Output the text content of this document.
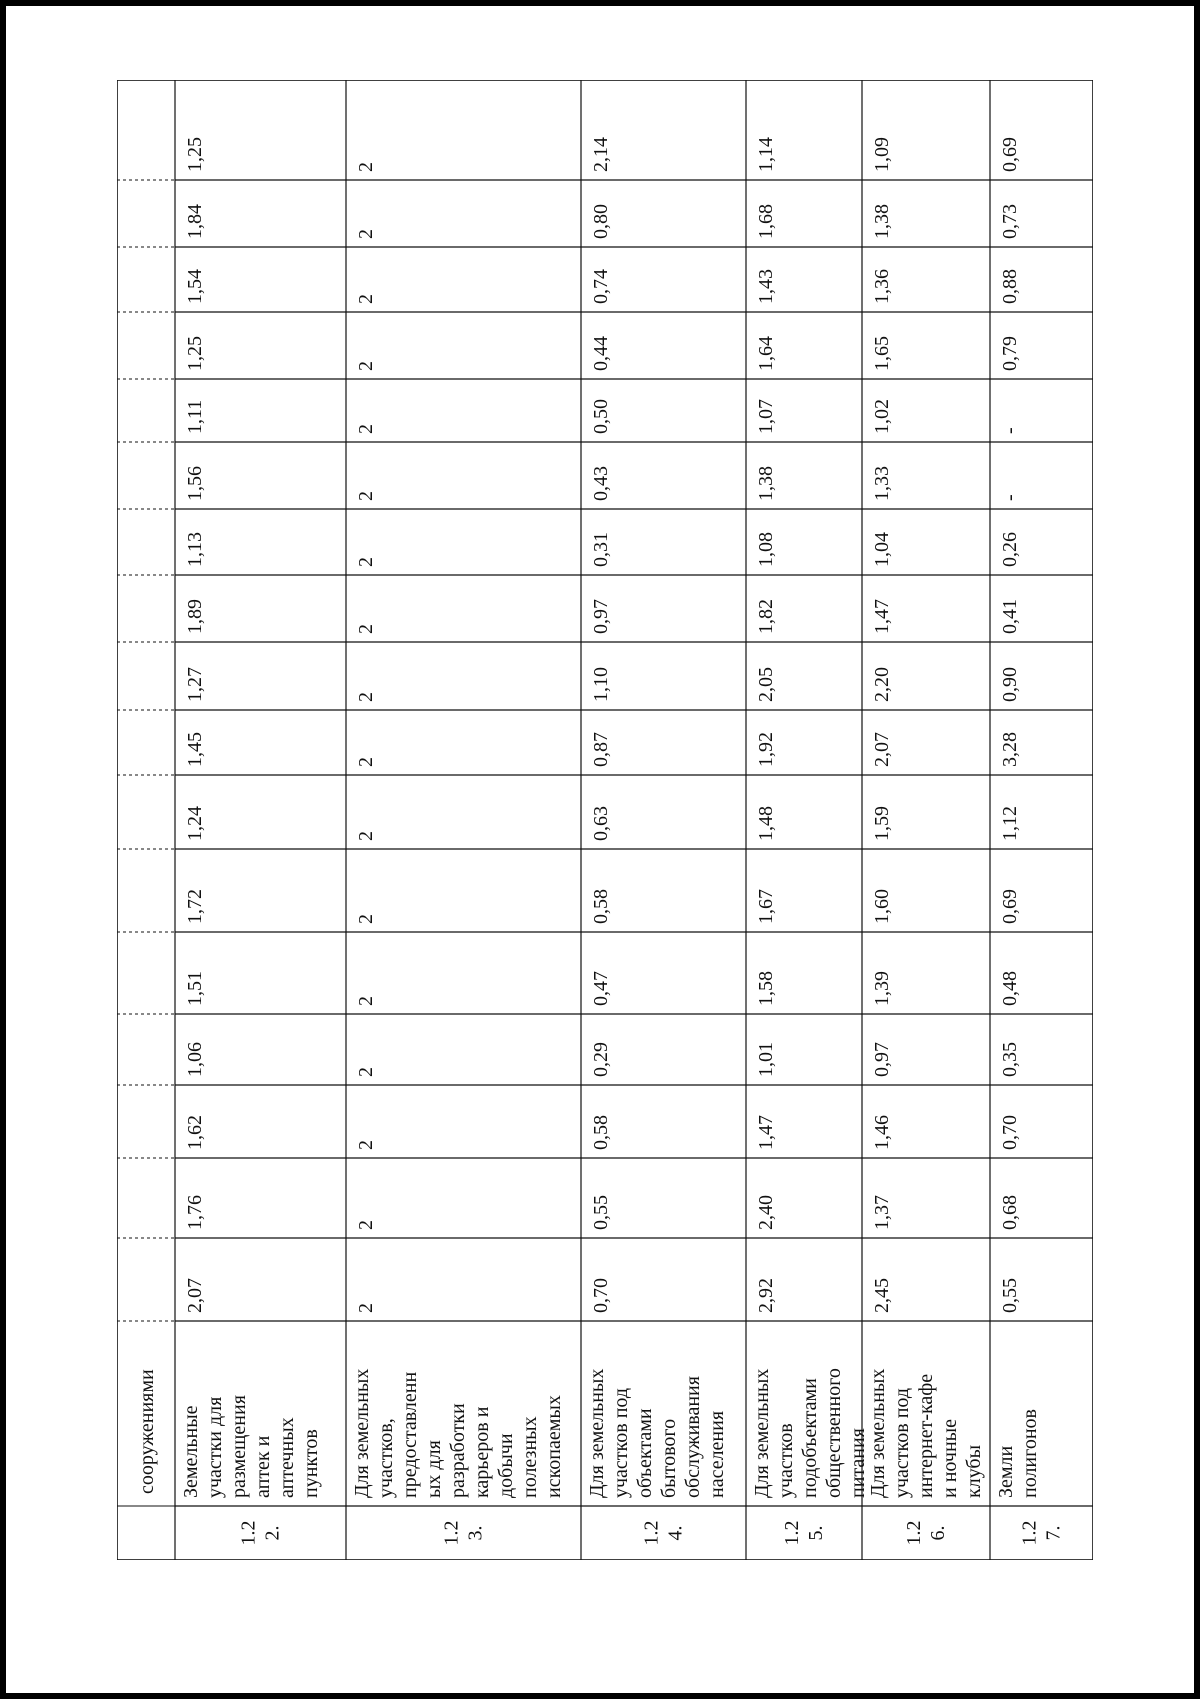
сооружениями
1.2 2.
Земельные участки для размещения аптек и аптечных пунктов
2,07
1,76
1,62
1,06
1,51
1,72
1,24
1,45
1,27
1,89
1,13
1,56
1,11
1,25
1,54
1,84
1,25
1.2 3.
Для земельных участков, предоставленн ых для разработки карьеров и добычи полезных ископаемых
2
2
2
2
2
2
2
2
2
2
2
2
2
2
2
2
2
1.2 4.
Для земельных участков под объектами бытового обслуживания населения
0,70
0,55
0,58
0,29
0,47
0,58
0,63
0,87
1,10
0,97
0,31
0,43
0,50
0,44
0,74
0,80
2,14
1.2 5.
Для земельных участков подобъектами общественного питания
2,92
2,40
1,47
1,01
1,58
1,67
1,48
1,92
2,05
1,82
1,08
1,38
1,07
1,64
1,43
1,68
1,14
1.2 6.
Для земельных участков под интернет-кафе и ночные клубы
2,45
1,37
1,46
0,97
1,39
1,60
1,59
2,07
2,20
1,47
1,04
1,33
1,02
1,65
1,36
1,38
1,09
1.2 7.
Земли полигонов
0,55
0,68
0,70
0,35
0,48
0,69
1,12
3,28
0,90
0,41
0,26
-
-
0,79
0,88
0,73
0,69
